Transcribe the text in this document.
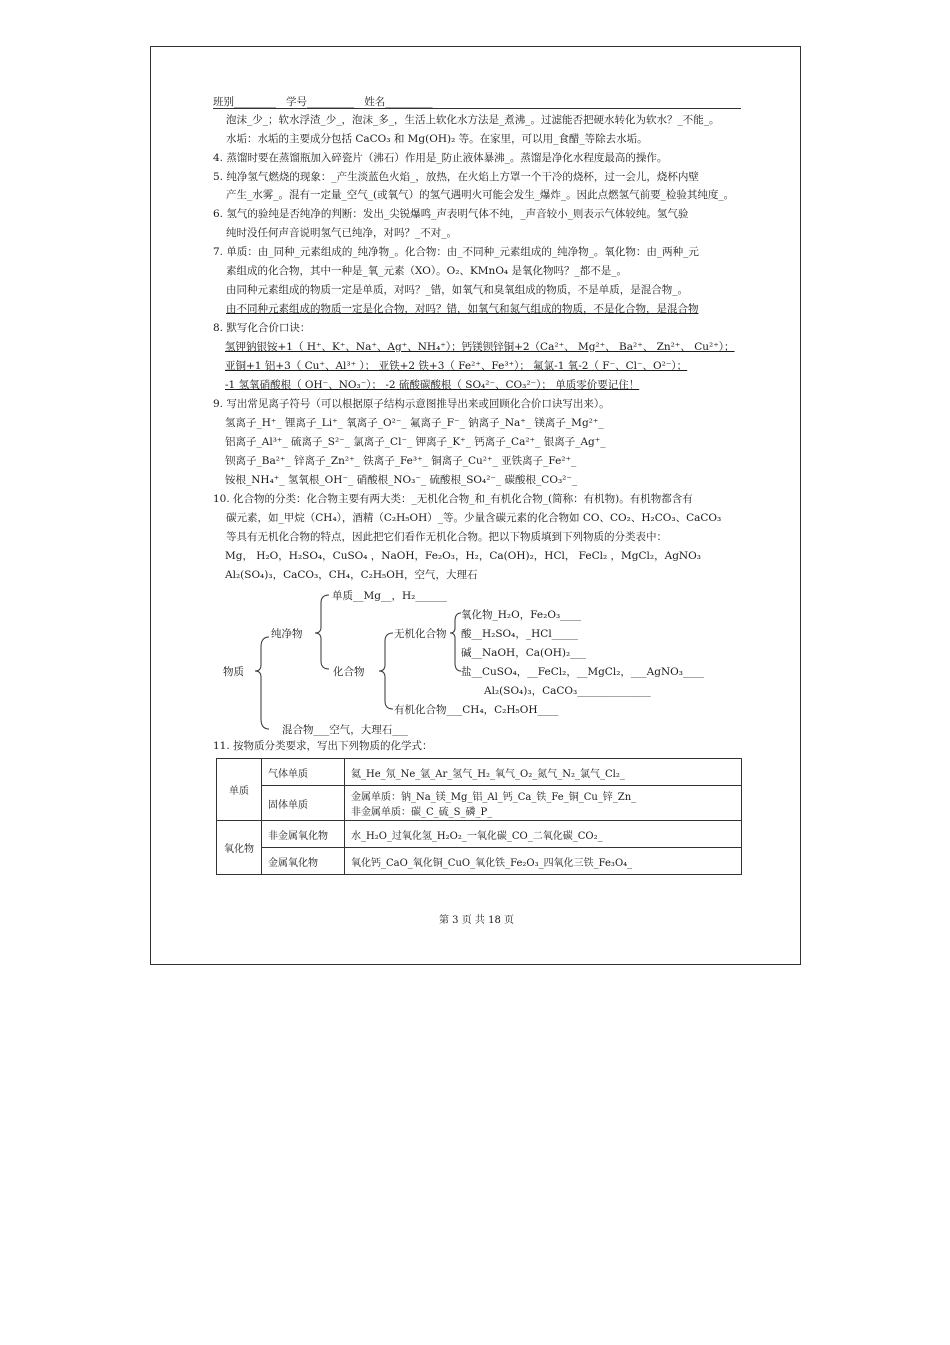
班别________ 学号_________ 姓名_________
泡沫_少_；软水浮渣_少_，泡沫_多_，生活上软化水方法是_煮沸_。过滤能否把硬水转化为软水？_不能_。
水垢：水垢的主要成分包括 CaCO₃ 和 Mg(OH)₂ 等。在家里，可以用_食醋_等除去水垢。
4. 蒸馏时要在蒸馏瓶加入碎瓷片（沸石）作用是_防止液体暴沸_。蒸馏是净化水程度最高的操作。
5. 纯净氢气燃烧的现象：_产生淡蓝色火焰_，放热，在火焰上方罩一个干冷的烧杯，过一会儿，烧杯内壁
产生_水雾_。混有一定量_空气_(或氧气）的氢气遇明火可能会发生_爆炸_。因此点燃氢气前要_检验其纯度_。
6. 氢气的验纯是否纯净的判断：发出_尖锐爆鸣_声表明气体不纯，_声音较小_则表示气体较纯。氢气验
纯时没任何声音说明氢气已纯净，对吗？_不对_。
7. 单质：由_同种_元素组成的_纯净物_。化合物：由_不同种_元素组成的_纯净物_。氧化物：由_两种_元
素组成的化合物，其中一种是_氧_元素（XO）。O₂、KMnO₄ 是氧化物吗？_都不是_。
由同种元素组成的物质一定是单质，对吗？_错，如氧气和臭氧组成的物质，不是单质，是混合物_。
由不同种元素组成的物质一定是化合物，对吗？错，如氧气和氮气组成的物质，不是化合物，是混合物
8. 默写化合价口诀：
氢钾钠银铵+1（ H⁺、K⁺、Na⁺、Ag⁺、NH₄⁺）；钙镁钡锌铜+2（Ca²⁺、 Mg²⁺、 Ba²⁺、 Zn²⁺、 Cu²⁺）；
亚铜+1 铝+3（ Cu⁺、Al³⁺ ）； 亚铁+2 铁+3（ Fe²⁺、Fe³⁺）； 氟氯-1 氧-2（ F⁻、Cl⁻、O²⁻）；
-1 氢氧硝酸根（ OH⁻、NO₃⁻）； -2 硫酸碳酸根（ SO₄²⁻、CO₃²⁻）； 单质零价要记住！
9. 写出常见离子符号（可以根据原子结构示意图推导出来或回顾化合价口诀写出来）。
氢离子_H⁺_ 锂离子_Li⁺_ 氧离子_O²⁻_ 氟离子_F⁻_ 钠离子_Na⁺_ 镁离子_Mg²⁺_
铝离子_Al³⁺_ 硫离子_S²⁻_ 氯离子_Cl⁻_ 钾离子_K⁺_ 钙离子_Ca²⁺_ 银离子_Ag⁺_
钡离子_Ba²⁺_ 锌离子_Zn²⁺_ 铁离子_Fe³⁺_ 铜离子_Cu²⁺_ 亚铁离子_Fe²⁺_
铵根_NH₄⁺_ 氢氧根_OH⁻_ 硝酸根_NO₃⁻_ 硫酸根_SO₄²⁻_ 碳酸根_CO₃²⁻_
10. 化合物的分类：化合物主要有两大类：_无机化合物_和_有机化合物_(简称：有机物)。有机物都含有
碳元素，如_甲烷（CH₄），酒精（C₂H₅OH）_等。少量含碳元素的化合物如 CO、CO₂、H₂CO₃、CaCO₃
等具有无机化合物的特点，因此把它们看作无机化合物。把以下物质填到下列物质的分类表中：
Mg， H₂O，H₂SO₄，CuSO₄ ，NaOH，Fe₂O₃，H₂，Ca(OH)₂，HCl， FeCl₂ ，MgCl₂，AgNO₃
Al₂(SO₄)₃，CaCO₃，CH₄，C₂H₅OH，空气，大理石
物质
纯净物
单质__Mg__，H₂______
化合物
无机化合物
氧化物_H₂O，Fe₂O₃____
酸__H₂SO₄，_HCl_____
碱__NaOH，Ca(OH)₂___
盐__CuSO₄，__FeCl₂，__MgCl₂，___AgNO₃____
Al₂(SO₄)₃，CaCO₃______________
有机化合物___CH₄，C₂H₅OH____
混合物___空气，大理石___
11. 按物质分类要求，写出下列物质的化学式：
单质	气体单质	氦_He_氖_Ne_氩_Ar_氢气_H₂_氧气_O₂_氮气_N₂_氯气_Cl₂_
	固体单质	金属单质：钠_Na_镁_Mg_铝_Al_钙_Ca_铁_Fe_铜_Cu_锌_Zn_
非金属单质：碳_C_硫_S_磷_P_

氧化物	非金属氧化物	水_H₂O_过氧化氢_H₂O₂_一氧化碳_CO_二氧化碳_CO₂_
	金属氧化物	氧化钙_CaO_氧化铜_CuO_氧化铁_Fe₂O₃_四氧化三铁_Fe₃O₄_
第 3 页 共 18 页
